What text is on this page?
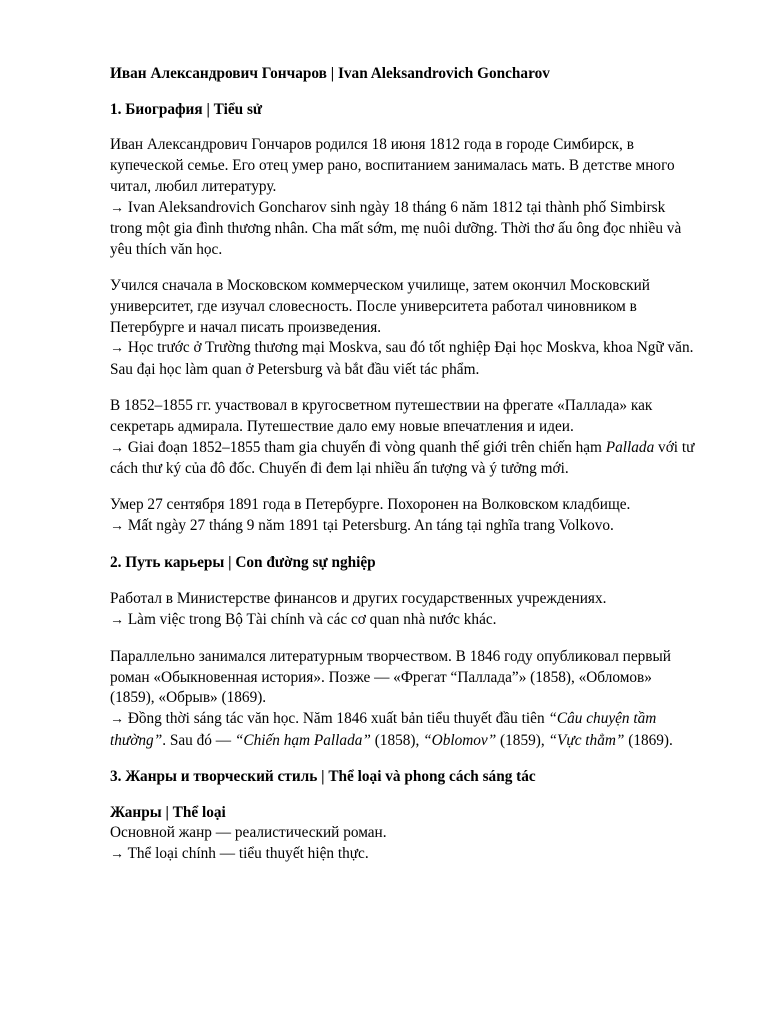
Иван Александрович Гончаров | Ivan Aleksandrovich Goncharov
1. Биография | Tiểu sử

Иван Александрович Гончаров родился 18 июня 1812 года в городе Симбирск, в купеческой семье. Его отец умер рано, воспитанием занималась мать. В детстве много читал, любил литературу.

→ Ivan Aleksandrovich Goncharov sinh ngày 18 tháng 6 năm 1812 tại thành phố Simbirsk trong một gia đình thương nhân. Cha mất sớm, mẹ nuôi dưỡng. Thời thơ ấu ông đọc nhiều và yêu thích văn học.

Учился сначала в Московском коммерческом училище, затем окончил Московский университет, где изучал словесность. После университета работал чиновником в Петербурге и начал писать произведения.

→ Học trước ở Trường thương mại Moskva, sau đó tốt nghiệp Đại học Moskva, khoa Ngữ văn. Sau đại học làm quan ở Petersburg và bắt đầu viết tác phẩm.

В 1852–1855 гг. участвовал в кругосветном путешествии на фрегате «Паллада» как секретарь адмирала. Путешествие дало ему новые впечатления и идеи.

→ Giai đoạn 1852–1855 tham gia chuyến đi vòng quanh thế giới trên chiến hạm Pallada với tư cách thư ký của đô đốc. Chuyến đi đem lại nhiều ấn tượng và ý tưởng mới.

Умер 27 сентября 1891 года в Петербурге. Похоронен на Волковском кладбище.

→ Mất ngày 27 tháng 9 năm 1891 tại Petersburg. An táng tại nghĩa trang Volkovo.

2. Путь карьеры | Con đường sự nghiệp

Работал в Министерстве финансов и других государственных учреждениях.

→ Làm việc trong Bộ Tài chính và các cơ quan nhà nước khác.

Параллельно занимался литературным творчеством. В 1846 году опубликовал первый роман «Обыкновенная история». Позже — «Фрегат “Паллада”» (1858), «Обломов» (1859), «Обрыв» (1869).

→ Đồng thời sáng tác văn học. Năm 1846 xuất bản tiểu thuyết đầu tiên “Câu chuyện tầm thường”. Sau đó — “Chiến hạm Pallada” (1858), “Oblomov” (1859), “Vực thẳm” (1869).

3. Жанры и творческий стиль | Thể loại và phong cách sáng tác

Жанры | Thể loại

Основной жанр — реалистический роман.

→ Thể loại chính — tiểu thuyết hiện thực.
